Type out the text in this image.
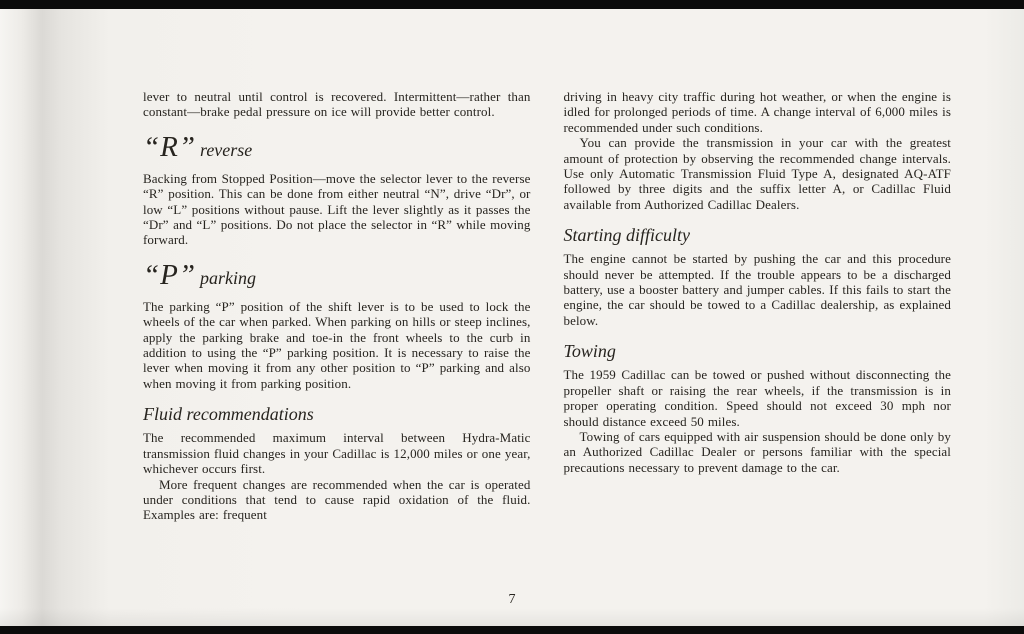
lever to neutral until control is recovered. Intermittent—rather than constant—brake pedal pressure on ice will provide better control.

“R” reverse

Backing from Stopped Position—move the selector lever to the reverse “R” position. This can be done from either neutral “N”, drive “Dr”, or low “L” positions without pause. Lift the lever slightly as it passes the “Dr” and “L” positions. Do not place the selector in “R” while moving forward.

“P” parking

The parking “P” position of the shift lever is to be used to lock the wheels of the car when parked. When parking on hills or steep inclines, apply the parking brake and toe-in the front wheels to the curb in addition to using the “P” parking position. It is necessary to raise the lever when moving it from any other position to “P” parking and also when moving it from parking position.

Fluid recommendations

The recommended maximum interval between Hydra-Matic transmission fluid changes in your Cadillac is 12,000 miles or one year, whichever occurs first.

More frequent changes are recommended when the car is operated under conditions that tend to cause rapid oxidation of the fluid. Examples are: frequent

driving in heavy city traffic during hot weather, or when the engine is idled for prolonged periods of time. A change interval of 6,000 miles is recommended under such conditions.

You can provide the transmission in your car with the greatest amount of protection by observing the recommended change intervals. Use only Automatic Transmission Fluid Type A, designated AQ-ATF followed by three digits and the suffix letter A, or Cadillac Fluid available from Authorized Cadillac Dealers.

Starting difficulty

The engine cannot be started by pushing the car and this procedure should never be attempted. If the trouble appears to be a discharged battery, use a booster battery and jumper cables. If this fails to start the engine, the car should be towed to a Cadillac dealership, as explained below.

Towing

The 1959 Cadillac can be towed or pushed without disconnecting the propeller shaft or raising the rear wheels, if the transmission is in proper operating condition. Speed should not exceed 30 mph nor should distance exceed 50 miles.

Towing of cars equipped with air suspension should be done only by an Authorized Cadillac Dealer or persons familiar with the special precautions necessary to prevent damage to the car.

7
